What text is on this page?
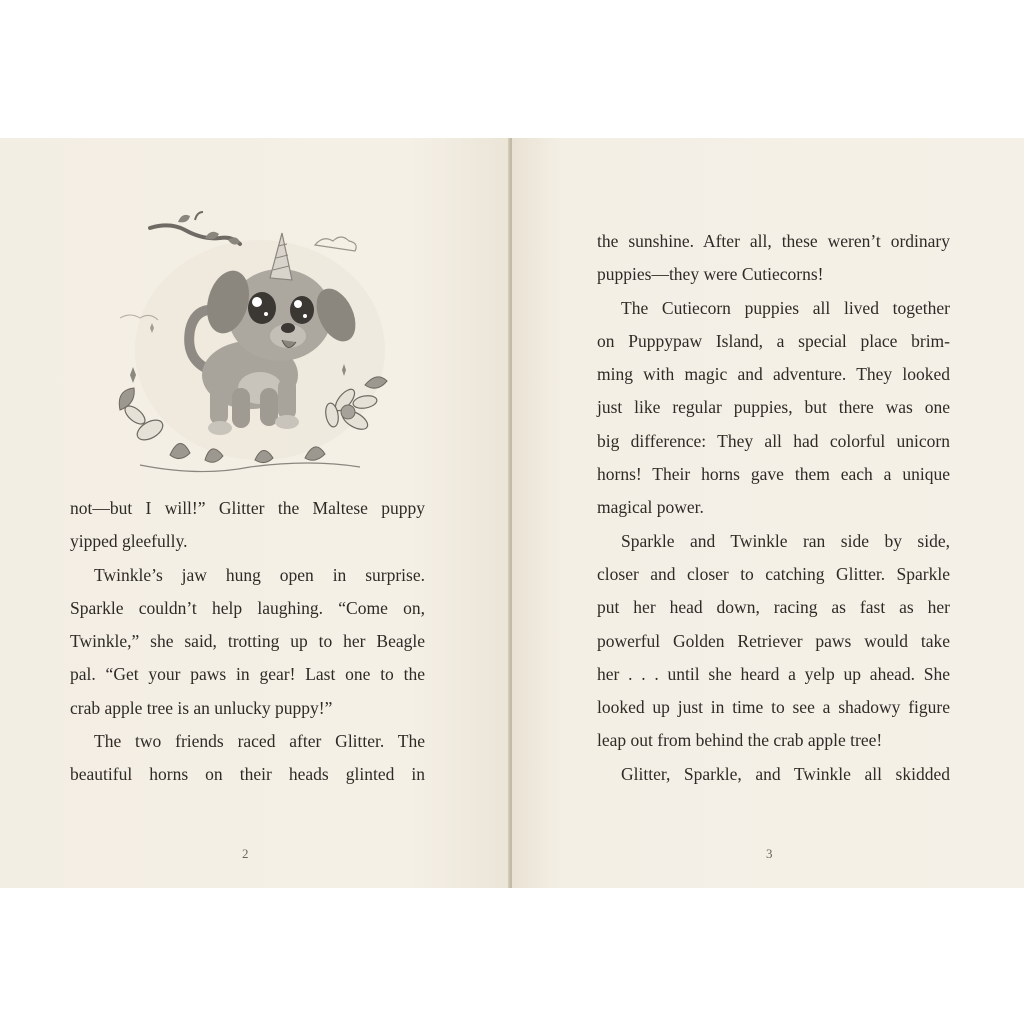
not—but I will!” Glitter the Maltese puppy
yipped gleefully.
Twinkle’s jaw hung open in surprise.
Sparkle couldn’t help laughing. “Come on,
Twinkle,” she said, trotting up to her Beagle
pal. “Get your paws in gear! Last one to the
crab apple tree is an unlucky puppy!”
The two friends raced after Glitter. The
beautiful horns on their heads glinted in
2
the sunshine. After all, these weren’t ordinary
puppies—they were Cutiecorns!
The Cutiecorn puppies all lived together
on Puppypaw Island, a special place brim-
ming with magic and adventure. They looked
just like regular puppies, but there was one
big difference: They all had colorful unicorn
horns! Their horns gave them each a unique
magical power.
Sparkle and Twinkle ran side by side,
closer and closer to catching Glitter. Sparkle
put her head down, racing as fast as her
powerful Golden Retriever paws would take
her . . . until she heard a yelp up ahead. She
looked up just in time to see a shadowy figure
leap out from behind the crab apple tree!
Glitter, Sparkle, and Twinkle all skidded
3
